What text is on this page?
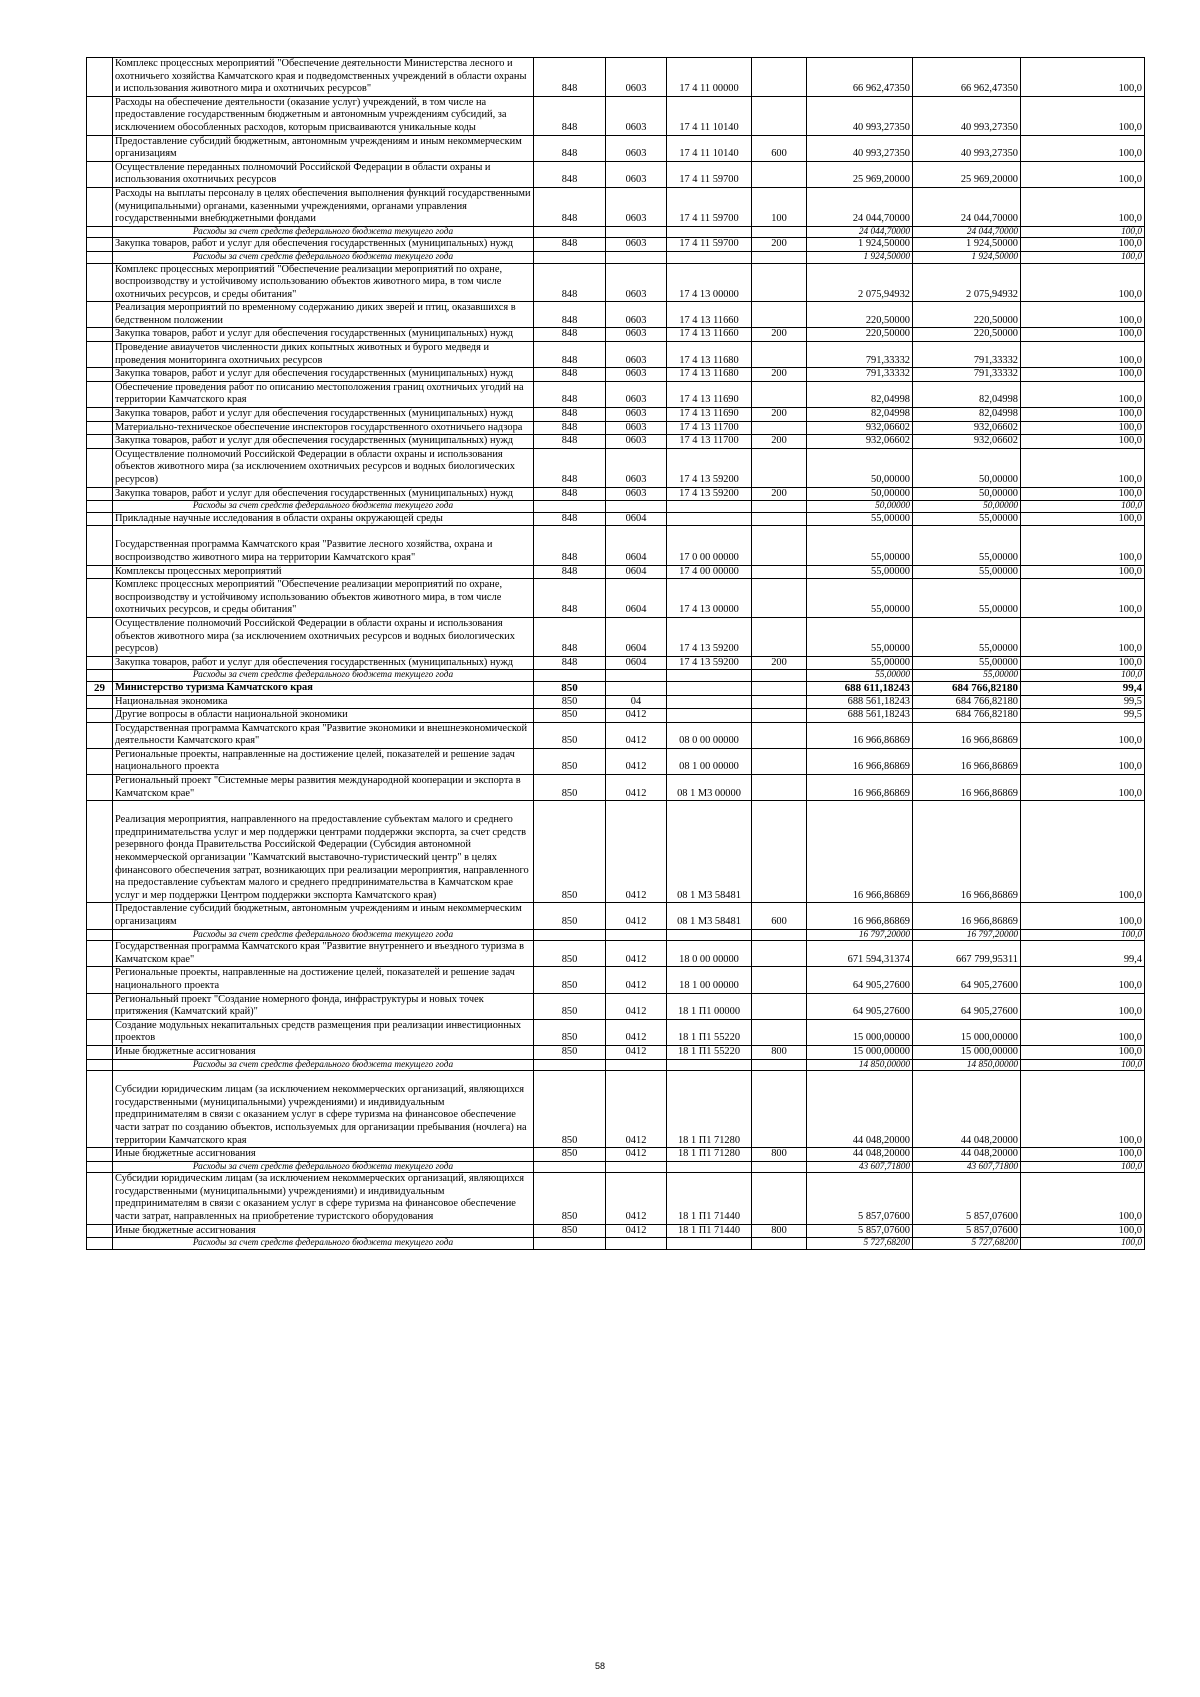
	Комплекс процессных мероприятий "Обеспечение деятельности Министерства лесного и охотничьего хозяйства Камчатского края и подведомственных учреждений в области охраны и использования животного мира и охотничьих ресурсов"	848	0603	17 4 11 00000		66 962,47350	66 962,47350	100,0
	Расходы на обеспечение деятельности (оказание услуг) учреждений, в том числе на предоставление государственным бюджетным и автономным учреждениям субсидий, за исключением обособленных расходов, которым присваиваются уникальные коды	848	0603	17 4 11 10140		40 993,27350	40 993,27350	100,0
	Предоставление субсидий бюджетным, автономным учреждениям и иным некоммерческим организациям	848	0603	17 4 11 10140	600	40 993,27350	40 993,27350	100,0
	Осуществление переданных полномочий Российской Федерации в области охраны и использования охотничьих ресурсов	848	0603	17 4 11 59700		25 969,20000	25 969,20000	100,0
	Расходы на выплаты персоналу в целях обеспечения выполнения функций государственными (муниципальными) органами, казенными учреждениями, органами управления государственными внебюджетными фондами	848	0603	17 4 11 59700	100	24 044,70000	24 044,70000	100,0
	Расходы за счет средств федерального бюджета текущего года					24 044,70000	24 044,70000	100,0
	Закупка товаров, работ и услуг для обеспечения государственных (муниципальных) нужд	848	0603	17 4 11 59700	200	1 924,50000	1 924,50000	100,0
	Расходы за счет средств федерального бюджета текущего года					1 924,50000	1 924,50000	100,0
	Комплекс процессных мероприятий "Обеспечение реализации мероприятий по охране, воспроизводству и устойчивому использованию объектов животного мира, в том числе охотничьих ресурсов, и среды обитания"	848	0603	17 4 13 00000		2 075,94932	2 075,94932	100,0
	Реализация мероприятий по временному содержанию диких зверей и птиц, оказавшихся в бедственном положении	848	0603	17 4 13 11660		220,50000	220,50000	100,0
	Закупка товаров, работ и услуг для обеспечения государственных (муниципальных) нужд	848	0603	17 4 13 11660	200	220,50000	220,50000	100,0
	Проведение авиаучетов численности диких копытных животных и бурого медведя и проведения мониторинга охотничьих ресурсов	848	0603	17 4 13 11680		791,33332	791,33332	100,0
	Закупка товаров, работ и услуг для обеспечения государственных (муниципальных) нужд	848	0603	17 4 13 11680	200	791,33332	791,33332	100,0
	Обеспечение проведения работ по описанию местоположения границ охотничьих угодий на территории Камчатского края	848	0603	17 4 13 11690		82,04998	82,04998	100,0
	Закупка товаров, работ и услуг для обеспечения государственных (муниципальных) нужд	848	0603	17 4 13 11690	200	82,04998	82,04998	100,0
	Материально-техническое обеспечение инспекторов государственного охотничьего надзора	848	0603	17 4 13 11700		932,06602	932,06602	100,0
	Закупка товаров, работ и услуг для обеспечения государственных (муниципальных) нужд	848	0603	17 4 13 11700	200	932,06602	932,06602	100,0
	Осуществление полномочий Российской Федерации в области охраны и использования объектов животного мира (за исключением охотничьих ресурсов и водных биологических ресурсов)	848	0603	17 4 13 59200		50,00000	50,00000	100,0
	Закупка товаров, работ и услуг для обеспечения государственных (муниципальных) нужд	848	0603	17 4 13 59200	200	50,00000	50,00000	100,0
	Расходы за счет средств федерального бюджета текущего года					50,00000	50,00000	100,0
	Прикладные научные исследования в области охраны окружающей среды	848	0604			55,00000	55,00000	100,0
	Государственная программа Камчатского края "Развитие лесного хозяйства, охрана и воспроизводство животного мира на территории Камчатского края"	848	0604	17 0 00 00000		55,00000	55,00000	100,0
	Комплексы процессных мероприятий	848	0604	17 4 00 00000		55,00000	55,00000	100,0
	Комплекс процессных мероприятий "Обеспечение реализации мероприятий по охране, воспроизводству и устойчивому использованию объектов животного мира, в том числе охотничьих ресурсов, и среды обитания"	848	0604	17 4 13 00000		55,00000	55,00000	100,0
	Осуществление полномочий Российской Федерации в области охраны и использования объектов животного мира (за исключением охотничьих ресурсов и водных биологических ресурсов)	848	0604	17 4 13 59200		55,00000	55,00000	100,0
	Закупка товаров, работ и услуг для обеспечения государственных (муниципальных) нужд	848	0604	17 4 13 59200	200	55,00000	55,00000	100,0
	Расходы за счет средств федерального бюджета текущего года					55,00000	55,00000	100,0
29	Министерство туризма Камчатского края	850				688 611,18243	684 766,82180	99,4
	Национальная экономика	850	04			688 561,18243	684 766,82180	99,5
	Другие вопросы в области национальной экономики	850	0412			688 561,18243	684 766,82180	99,5
	Государственная программа Камчатского края "Развитие экономики и внешнеэкономической деятельности Камчатского края"	850	0412	08 0 00 00000		16 966,86869	16 966,86869	100,0
	Региональные проекты, направленные на достижение целей, показателей и решение задач национального проекта	850	0412	08 1 00 00000		16 966,86869	16 966,86869	100,0
	Региональный проект "Системные меры развития международной кооперации и экспорта в Камчатском крае"	850	0412	08 1 М3 00000		16 966,86869	16 966,86869	100,0
	Реализация мероприятия, направленного на предоставление субъектам малого и среднего предпринимательства услуг и мер поддержки центрами поддержки экспорта, за счет средств резервного фонда Правительства Российской Федерации (Субсидия автономной некоммерческой организации "Камчатский выставочно-туристический центр" в целях финансового обеспечения затрат, возникающих при реализации мероприятия, направленного на предоставление субъектам малого и среднего предпринимательства в Камчатском крае услуг и мер поддержки Центром поддержки экспорта Камчатского края)	850	0412	08 1 М3 58481		16 966,86869	16 966,86869	100,0
	Предоставление субсидий бюджетным, автономным учреждениям и иным некоммерческим организациям	850	0412	08 1 М3 58481	600	16 966,86869	16 966,86869	100,0
	Расходы за счет средств федерального бюджета текущего года					16 797,20000	16 797,20000	100,0
	Государственная программа Камчатского края "Развитие внутреннего и въездного туризма в Камчатском крае"	850	0412	18 0 00 00000		671 594,31374	667 799,95311	99,4
	Региональные проекты, направленные на достижение целей, показателей и решение задач национального проекта	850	0412	18 1 00 00000		64 905,27600	64 905,27600	100,0
	Региональный проект "Создание номерного фонда, инфраструктуры и новых точек притяжения (Камчатский край)"	850	0412	18 1 П1 00000		64 905,27600	64 905,27600	100,0
	Создание модульных некапитальных средств размещения при реализации инвестиционных проектов	850	0412	18 1 П1 55220		15 000,00000	15 000,00000	100,0
	Иные бюджетные ассигнования	850	0412	18 1 П1 55220	800	15 000,00000	15 000,00000	100,0
	Расходы за счет средств федерального бюджета текущего года					14 850,00000	14 850,00000	100,0
	Субсидии юридическим лицам (за исключением некоммерческих организаций, являющихся государственными (муниципальными) учреждениями) и индивидуальным предпринимателям в связи с оказанием услуг в сфере туризма на финансовое обеспечение части затрат по созданию объектов, используемых для организации пребывания (ночлега) на территории Камчатского края	850	0412	18 1 П1 71280		44 048,20000	44 048,20000	100,0
	Иные бюджетные ассигнования	850	0412	18 1 П1 71280	800	44 048,20000	44 048,20000	100,0
	Расходы за счет средств федерального бюджета текущего года					43 607,71800	43 607,71800	100,0
	Субсидии юридическим лицам (за исключением некоммерческих организаций, являющихся государственными (муниципальными) учреждениями) и индивидуальным предпринимателям в связи с оказанием услуг в сфере туризма на финансовое обеспечение части затрат, направленных на приобретение туристского оборудования	850	0412	18 1 П1 71440		5 857,07600	5 857,07600	100,0
	Иные бюджетные ассигнования	850	0412	18 1 П1 71440	800	5 857,07600	5 857,07600	100,0
	Расходы за счет средств федерального бюджета текущего года					5 727,68200	5 727,68200	100,0
58
